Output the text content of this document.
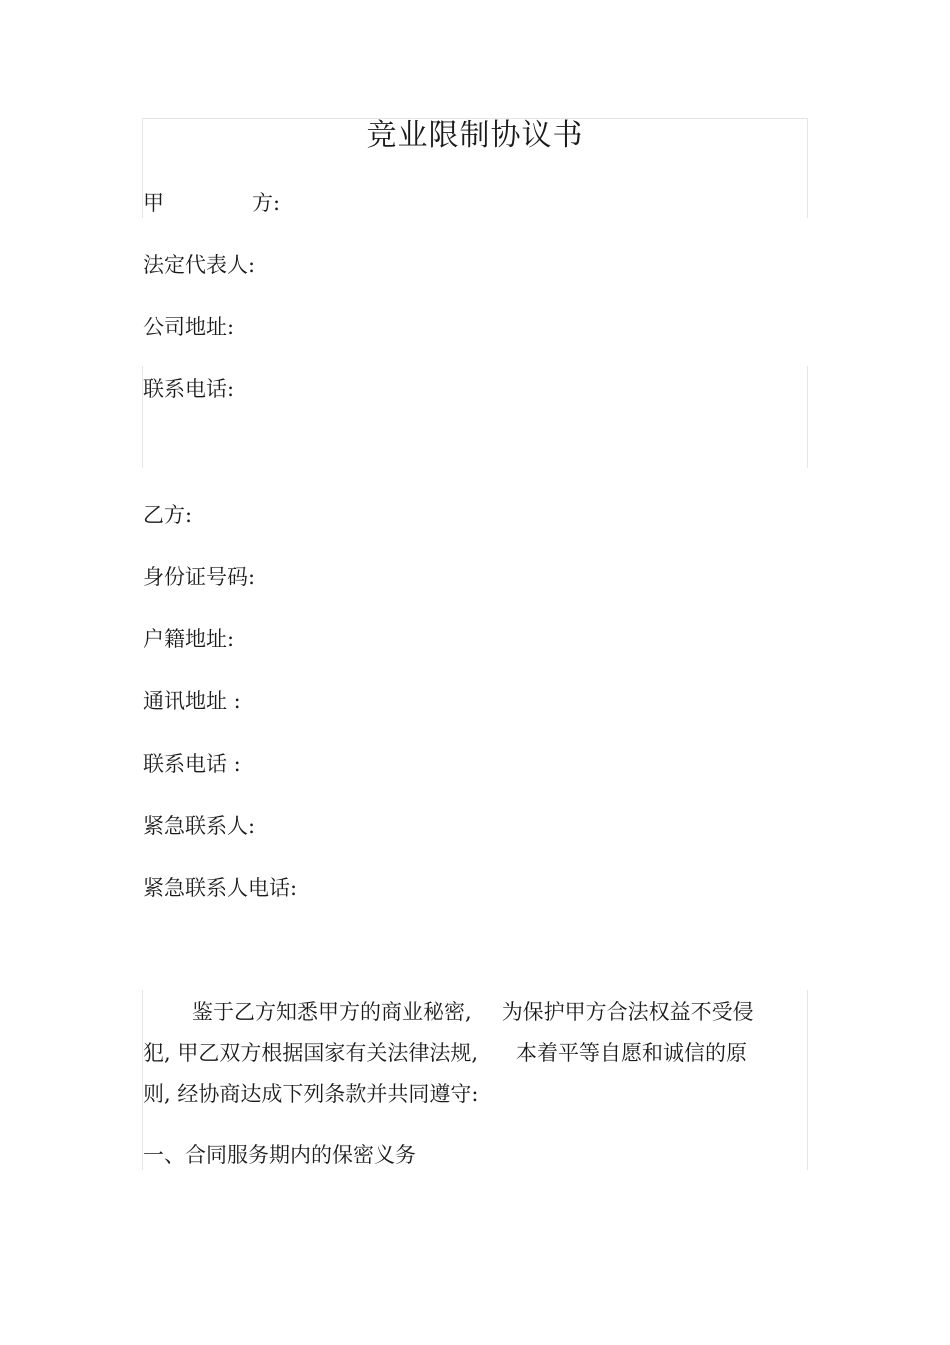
竞业限制协议书
甲	方:
法定代表人:
公司地址:
联系电话:
乙方:
身份证号码:
户籍地址:
通讯地址 :
联系电话 :
紧急联系人:
紧急联系人电话:
鉴于乙方知悉甲方的商业秘密, 为保护甲方合法权益不受侵
犯, 甲乙双方根据国家有关法律法规, 本着平等自愿和诚信的原
则, 经协商达成下列条款并共同遵守:
一、合同服务期内的保密义务
